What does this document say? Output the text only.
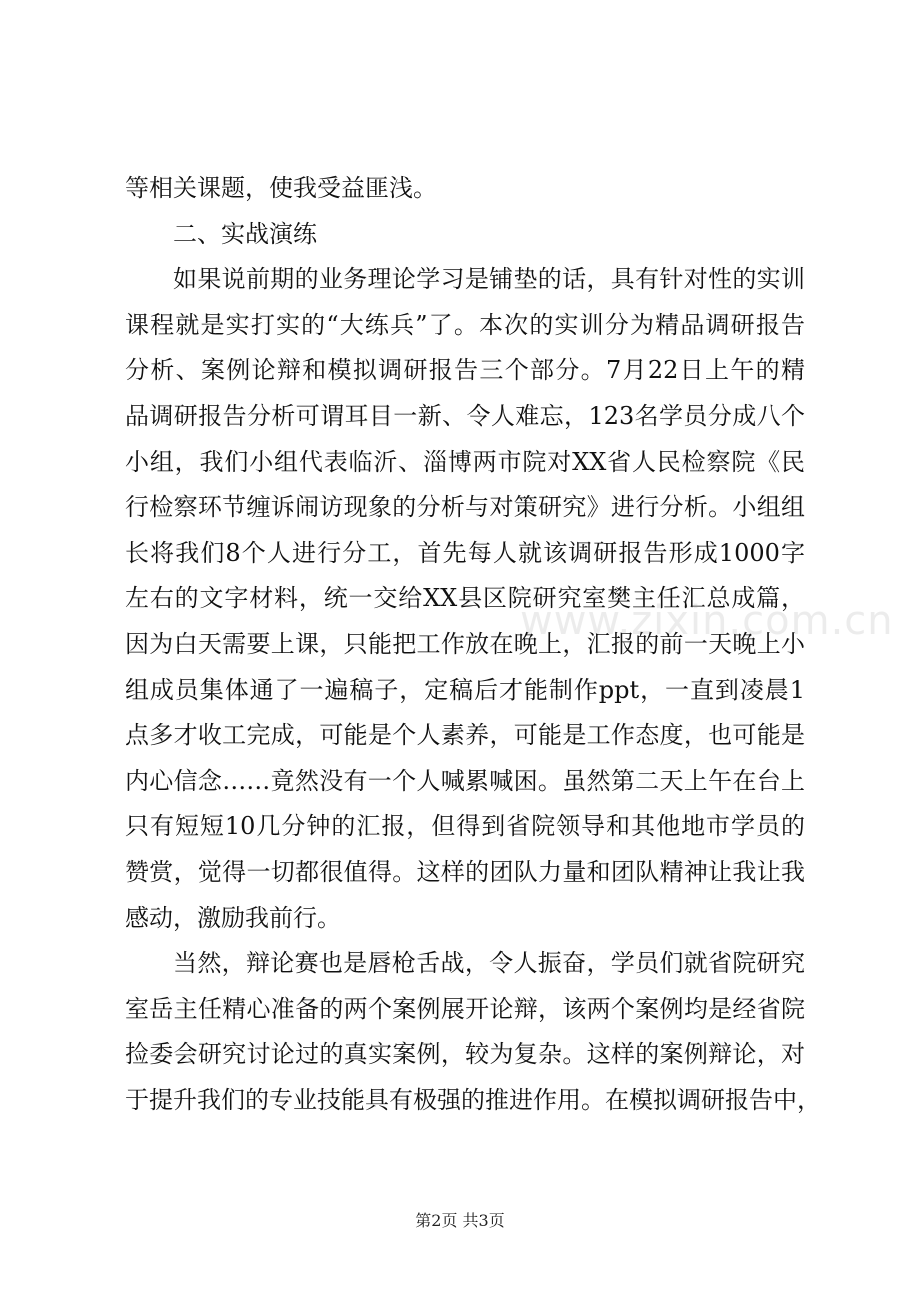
等相关课题，使我受益匪浅。
二、实战演练
如果说前期的业务理论学习是铺垫的话，具有针对性的实训
课程就是实打实的“大练兵”了。本次的实训分为精品调研报告
分析、案例论辩和模拟调研报告三个部分。7月22日上午的精
品调研报告分析可谓耳目一新、令人难忘，123名学员分成八个
小组，我们小组代表临沂、淄博两市院对XX省人民检察院《民
行检察环节缠诉闹访现象的分析与对策研究》进行分析。小组组
长将我们8个人进行分工，首先每人就该调研报告形成1000字
左右的文字材料，统一交给XX县区院研究室樊主任汇总成篇，
因为白天需要上课，只能把工作放在晚上，汇报的前一天晚上小
组成员集体通了一遍稿子，定稿后才能制作ppt，一直到凌晨1
点多才收工完成，可能是个人素养，可能是工作态度，也可能是
内心信念……竟然没有一个人喊累喊困。虽然第二天上午在台上
只有短短10几分钟的汇报，但得到省院领导和其他地市学员的
赞赏，觉得一切都很值得。这样的团队力量和团队精神让我让我
感动，激励我前行。
当然，辩论赛也是唇枪舌战，令人振奋，学员们就省院研究
室岳主任精心准备的两个案例展开论辩，该两个案例均是经省院
捡委会研究讨论过的真实案例，较为复杂。这样的案例辩论，对
于提升我们的专业技能具有极强的推进作用。在模拟调研报告中，
www.zixin.com.cn
第2页 共3页
